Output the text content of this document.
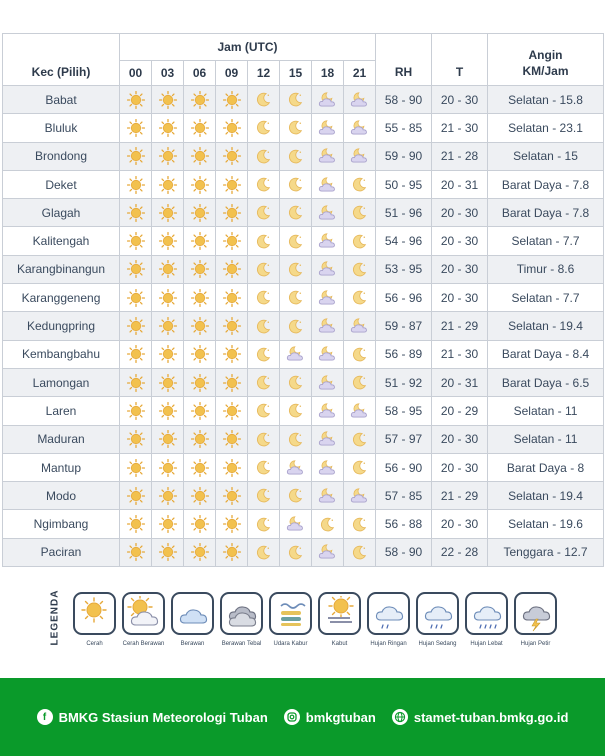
Kec (Pilih)	Jam (UTC)								RH	T	Angin
KM/Jam
	00	03	06	09	12	15	18	21			
Babat									58 - 90	20 - 30	Selatan - 15.8
Bluluk									55 - 85	21 - 30	Selatan - 23.1
Brondong									59 - 90	21 - 28	Selatan - 15
Deket									50 - 95	20 - 31	Barat Daya - 7.8
Glagah									51 - 96	20 - 30	Barat Daya - 7.8
Kalitengah									54 - 96	20 - 30	Selatan - 7.7
Karangbinangun									53 - 95	20 - 30	Timur - 8.6
Karanggeneng									56 - 96	20 - 30	Selatan - 7.7
Kedungpring									59 - 87	21 - 29	Selatan - 19.4
Kembangbahu									56 - 89	21 - 30	Barat Daya - 8.4
Lamongan									51 - 92	20 - 31	Barat Daya - 6.5
Laren									58 - 95	20 - 29	Selatan - 11
Maduran									57 - 97	20 - 30	Selatan - 11
Mantup									56 - 90	20 - 30	Barat Daya - 8
Modo									57 - 85	21 - 29	Selatan - 19.4
Ngimbang									56 - 88	20 - 30	Selatan - 19.6
Paciran									58 - 90	22 - 28	Tenggara - 12.7
LEGENDA	Cerah	Cerah Berawan	Berawan	Berawan Tebal Udara Kabur	Kabut	Hujan Ringan Hujan Sedang Hujan Lebat	Hujan Petir
f BMKG Stasiun Meteorologi Tuban	bmkgtuban	stamet-tuban.bmkg.go.id
